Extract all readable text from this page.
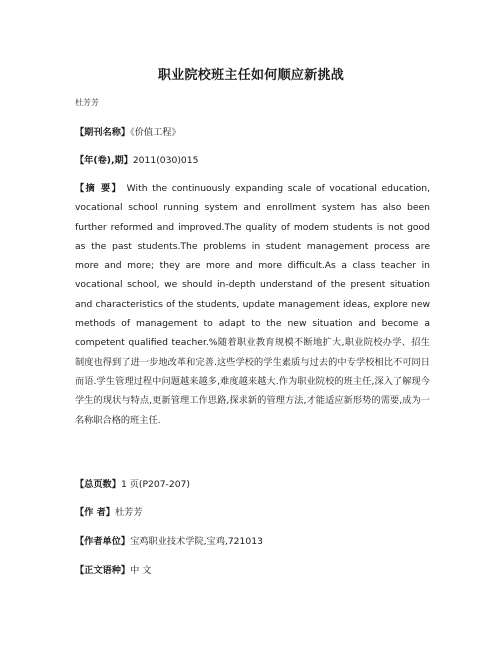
职业院校班主任如何顺应新挑战
杜芳芳
【期刊名称】《价值工程》
【年(卷),期】2011(030)015
【摘 要】 With the continuously expanding scale of vocational education, vocational school running system and enrollment system has also been further reformed and improved.The quality of modem students is not good as the past students.The problems in student management process are more and more; they are more and more difficult.As a class teacher in vocational school, we should in-depth understand of the present situation and characteristics of the students, update management ideas, explore new methods of management to adapt to the new situation and become a competent qualified teacher.%随着职业教育规模不断地扩大,职业院校办学、招生制度也得到了进一步地改革和完善.这些学校的学生素质与过去的中专学校相比不可同日而语.学生管理过程中问题越来越多,难度越来越大.作为职业院校的班主任,深入了解现今学生的现状与特点,更新管理工作思路,探求新的管理方法,才能适应新形势的需要,成为一名称职合格的班主任.
【总页数】1 页(P207-207)
【作 者】杜芳芳
【作者单位】宝鸡职业技术学院,宝鸡,721013
【正文语种】中 文
